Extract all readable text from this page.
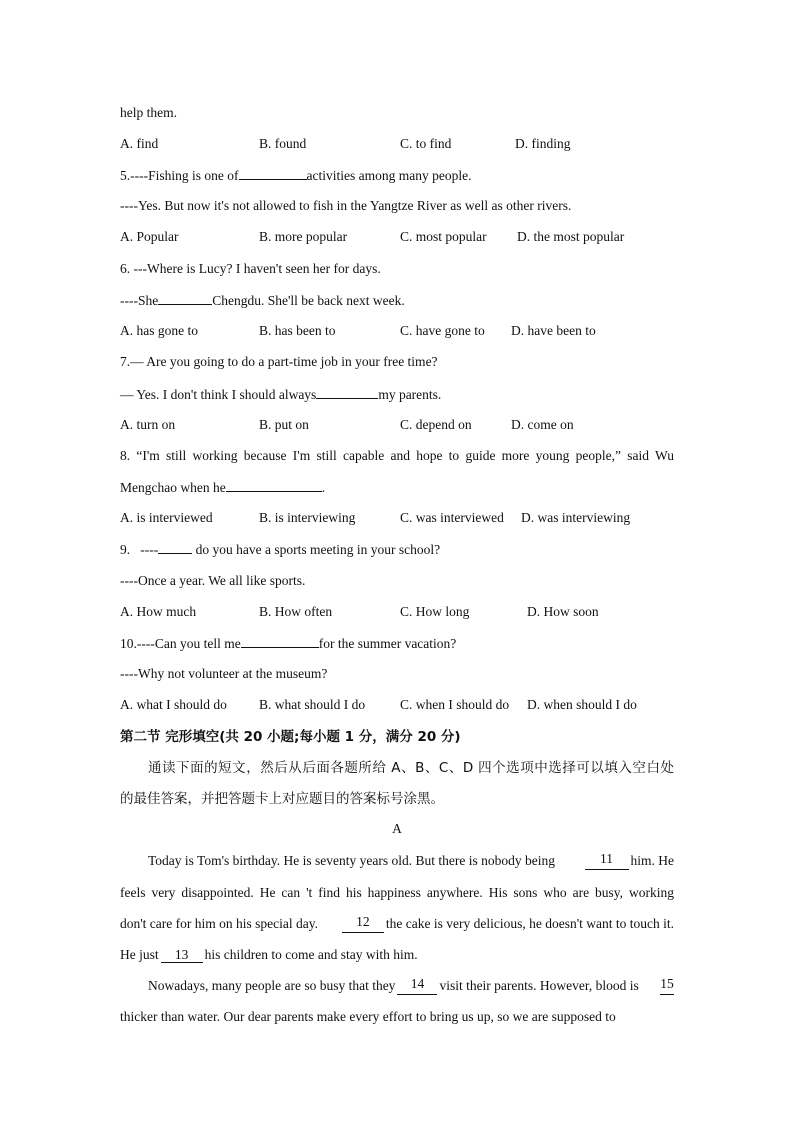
help them.
A. find	B. found	C. to find	D. finding
5.----Fishing is one of	activities among many people.
----Yes. But now it's not allowed to fish in the Yangtze River as well as other rivers.
A. Popular	B. more popular	C. most popular D. the most popular
6. ---Where is Lucy? I haven't seen her for days.
----She	Chengdu. She'll be back next week.
A. has gone to	B. has been to	C. have gone to D. have been to
7.— Are you going to do a part-time job in your free time?
— Yes. I don't think I should always	my parents.
A. turn on	B. put on	C. depend on	D. come on
8. “I'm still working because I'm still capable and hope to guide more young people,” said Wu
Mengchao when he	.
A. is interviewed	B. is interviewing	C. was interviewed D. was interviewing
9.   ----	do you have a sports meeting in your school?
----Once a year. We all like sports.
A. How much	B. How often	C. How long	D. How soon
10.----Can you tell me	for the summer vacation?
----Why not volunteer at the museum?
A. what I should do B. what should I do	C. when I should do D. when should I do
第二节 完形填空(共 20 小题;每小题 1 分，满分 20 分)
通读下面的短文，然后从后面各题所给 A、B、C、D 四个选项中选择可以填入空白处
的最佳答案，并把答题卡上对应题目的答案标号涂黑。
A
Today is Tom's birthday. He is seventy years old. But there is nobody being	11	him. He
feels very disappointed. He can 't find his happiness anywhere. His sons who are busy, working
don't care for him on his special day.	12	the cake is very delicious, he doesn't want to touch it.
He just 13 his children to come and stay with him.
Nowadays, many people are so busy that they	14	visit their parents. However, blood is 15
thicker than water. Our dear parents make every effort to bring us up, so we are supposed to
